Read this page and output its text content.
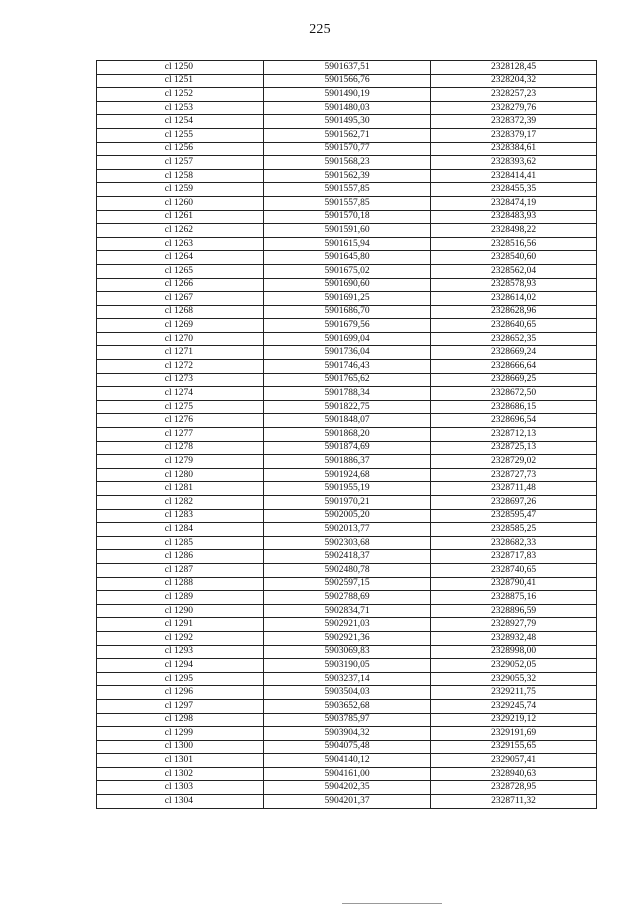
225
cl 1250	5901637,51	2328128,45
cl 1251	5901566,76	2328204,32
cl 1252	5901490,19	2328257,23
cl 1253	5901480,03	2328279,76
cl 1254	5901495,30	2328372,39
cl 1255	5901562,71	2328379,17
cl 1256	5901570,77	2328384,61
cl 1257	5901568,23	2328393,62
cl 1258	5901562,39	2328414,41
cl 1259	5901557,85	2328455,35
cl 1260	5901557,85	2328474,19
cl 1261	5901570,18	2328483,93
cl 1262	5901591,60	2328498,22
cl 1263	5901615,94	2328516,56
cl 1264	5901645,80	2328540,60
cl 1265	5901675,02	2328562,04
cl 1266	5901690,60	2328578,93
cl 1267	5901691,25	2328614,02
cl 1268	5901686,70	2328628,96
cl 1269	5901679,56	2328640,65
cl 1270	5901699,04	2328652,35
cl 1271	5901736,04	2328669,24
cl 1272	5901746,43	2328666,64
cl 1273	5901765,62	2328669,25
cl 1274	5901788,34	2328672,50
cl 1275	5901822,75	2328686,15
cl 1276	5901848,07	2328696,54
cl 1277	5901868,20	2328712,13
cl 1278	5901874,69	2328725,13
cl 1279	5901886,37	2328729,02
cl 1280	5901924,68	2328727,73
cl 1281	5901955,19	2328711,48
cl 1282	5901970,21	2328697,26
cl 1283	5902005,20	2328595,47
cl 1284	5902013,77	2328585,25
cl 1285	5902303,68	2328682,33
cl 1286	5902418,37	2328717,83
cl 1287	5902480,78	2328740,65
cl 1288	5902597,15	2328790,41
cl 1289	5902788,69	2328875,16
cl 1290	5902834,71	2328896,59
cl 1291	5902921,03	2328927,79
cl 1292	5902921,36	2328932,48
cl 1293	5903069,83	2328998,00
cl 1294	5903190,05	2329052,05
cl 1295	5903237,14	2329055,32
cl 1296	5903504,03	2329211,75
cl 1297	5903652,68	2329245,74
cl 1298	5903785,97	2329219,12
cl 1299	5903904,32	2329191,69
cl 1300	5904075,48	2329155,65
cl 1301	5904140,12	2329057,41
cl 1302	5904161,00	2328940,63
cl 1303	5904202,35	2328728,95
cl 1304	5904201,37	2328711,32
